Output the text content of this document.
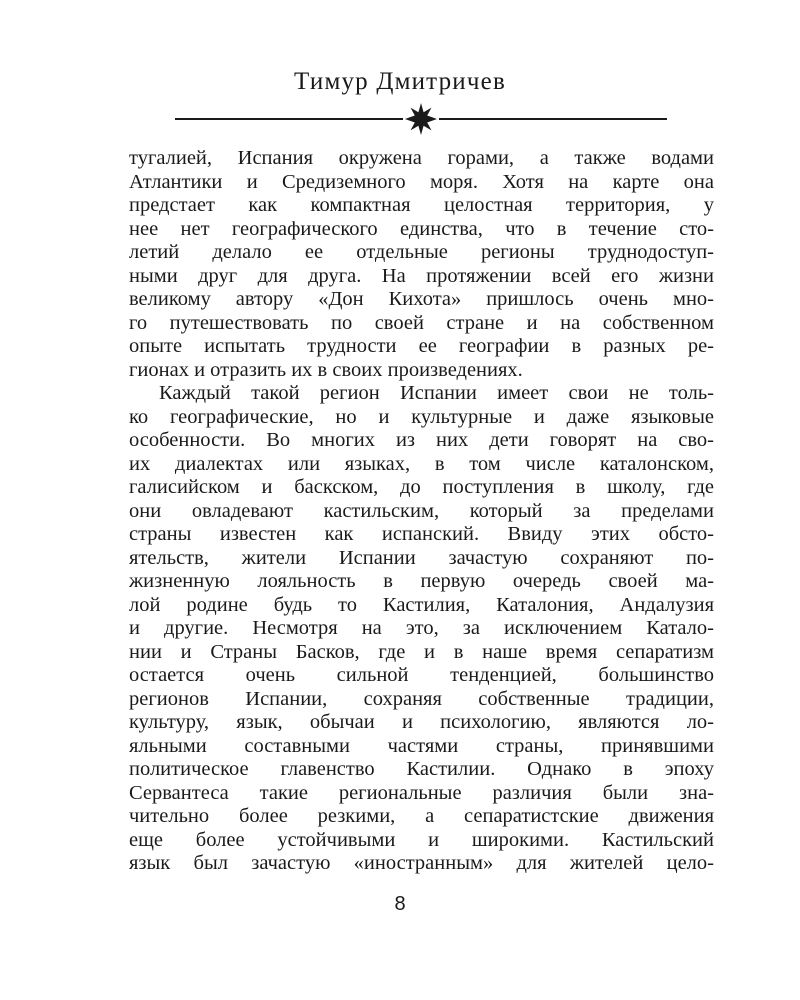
Тимур Дмитричев
тугалией, Испания окружена горами, а также водами
Атлантики и Средиземного моря. Хотя на карте она
предстает как компактная целостная территория, у
нее нет географического единства, что в течение сто-
летий делало ее отдельные регионы труднодоступ-
ными друг для друга. На протяжении всей его жизни
великому автору «Дон Кихота» пришлось очень мно-
го путешествовать по своей стране и на собственном
опыте испытать трудности ее географии в разных ре-
гионах и отразить их в своих произведениях.
Каждый такой регион Испании имеет свои не толь-
ко географические, но и культурные и даже языковые
особенности. Во многих из них дети говорят на сво-
их диалектах или языках, в том числе каталонском,
галисийском и баскском, до поступления в школу, где
они овладевают кастильским, который за пределами
страны известен как испанский. Ввиду этих обсто-
ятельств, жители Испании зачастую сохраняют по-
жизненную лояльность в первую очередь своей ма-
лой родине будь то Кастилия, Каталония, Андалузия
и другие. Несмотря на это, за исключением Катало-
нии и Страны Басков, где и в наше время сепаратизм
остается очень сильной тенденцией, большинство
регионов Испании, сохраняя собственные традиции,
культуру, язык, обычаи и психологию, являются ло-
яльными составными частями страны, принявшими
политическое главенство Кастилии. Однако в эпоху
Сервантеса такие региональные различия были зна-
чительно более резкими, а сепаратистские движения
еще более устойчивыми и широкими. Кастильский
язык был зачастую «иностранным» для жителей цело-
8
